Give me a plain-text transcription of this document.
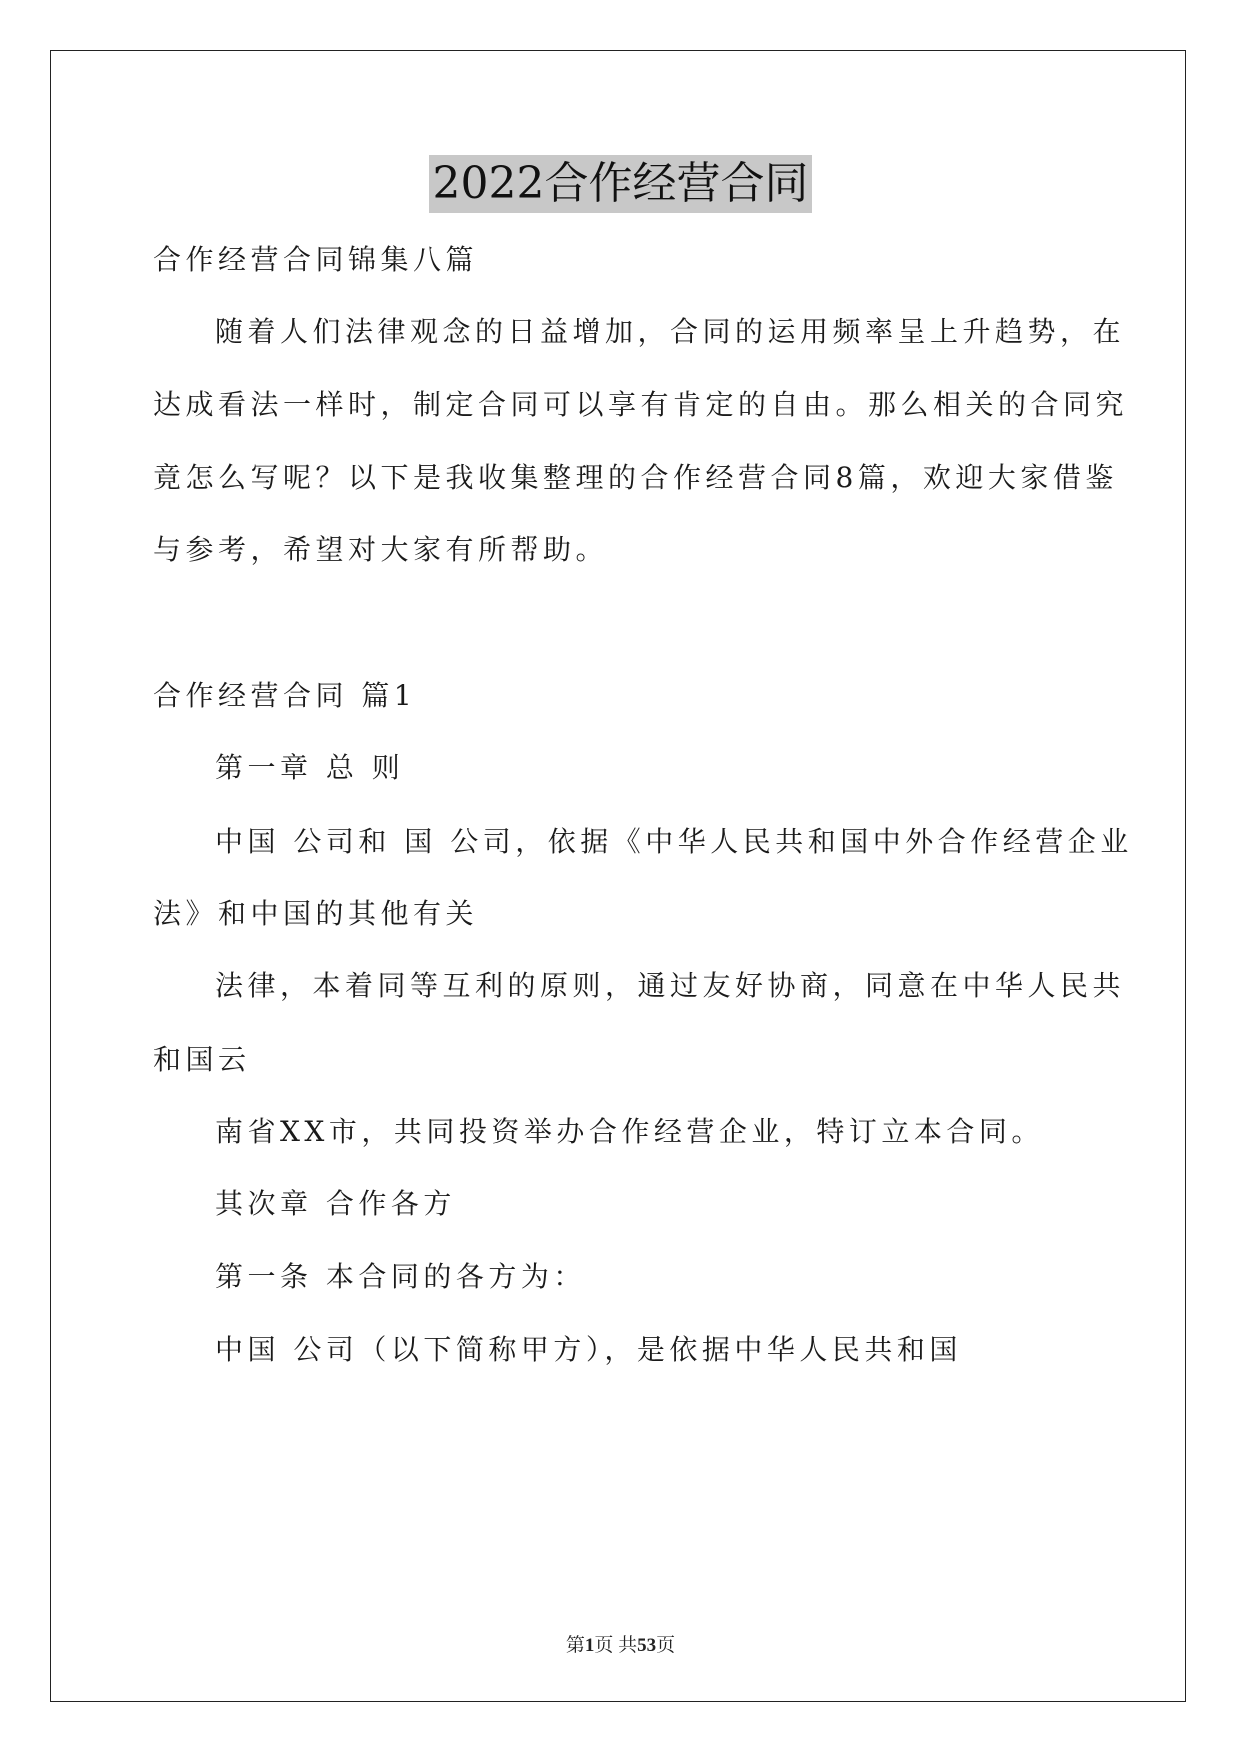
2022合作经营合同
合作经营合同锦集八篇
随着人们法律观念的日益增加，合同的运用频率呈上升趋势，在
达成看法一样时，制定合同可以享有肯定的自由。那么相关的合同究
竟怎么写呢？以下是我收集整理的合作经营合同8篇，欢迎大家借鉴
与参考，希望对大家有所帮助。
合作经营合同 篇1
第一章 总 则
中国 公司和 国 公司，依据《中华人民共和国中外合作经营企业
法》和中国的其他有关
法律，本着同等互利的原则，通过友好协商，同意在中华人民共
和国云
南省XX市，共同投资举办合作经营企业，特订立本合同。
其次章 合作各方
第一条 本合同的各方为：
中国 公司（以下简称甲方），是依据中华人民共和国
第1页 共53页
